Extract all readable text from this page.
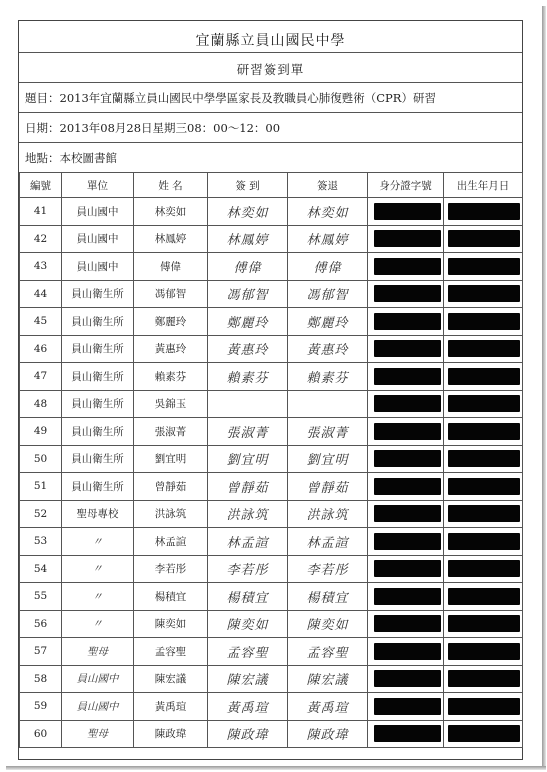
宜蘭縣立員山國民中學
研習簽到單
題目：2013年宜蘭縣立員山國民中學學區家長及教職員心肺復甦術（CPR）研習
日期：2013年08月28日星期三08：00～12：00
地點：本校圖書館
編號	單位	姓 名	簽 到	簽退	身分證字號	出生年月日
41	員山國中	林奕如	林奕如	林奕如	

42	員山國中	林鳳婷	林鳳婷	林鳳婷	

43	員山國中	傅偉	傅偉	傅偉	

44	員山衛生所	馮郁智	馮郁智	馮郁智	

45	員山衛生所	鄭麗玲	鄭麗玲	鄭麗玲	

46	員山衛生所	黃惠玲	黃惠玲	黃惠玲	

47	員山衛生所	賴素芬	賴素芬	賴素芬	

48	員山衛生所	吳錦玉			

49	員山衛生所	張淑菁	張淑菁	張淑菁	

50	員山衛生所	劉宜明	劉宜明	劉宜明	

51	員山衛生所	曾靜茹	曾靜茹	曾靜茹	

52	聖母專校	洪詠筑	洪詠筑	洪詠筑	

53	〃	林孟諠	林孟諠	林孟諠	

54	〃	李若彤	李若彤	李若彤	

55	〃	楊積宜	楊積宜	楊積宜	

56	〃	陳奕如	陳奕如	陳奕如	

57	聖母	孟容聖	孟容聖	孟容聖	

58	員山國中	陳宏議	陳宏議	陳宏議	

59	員山國中	黃禹瑄	黃禹瑄	黃禹瑄	

60	聖母	陳政瑋	陳政瑋	陳政瑋	
